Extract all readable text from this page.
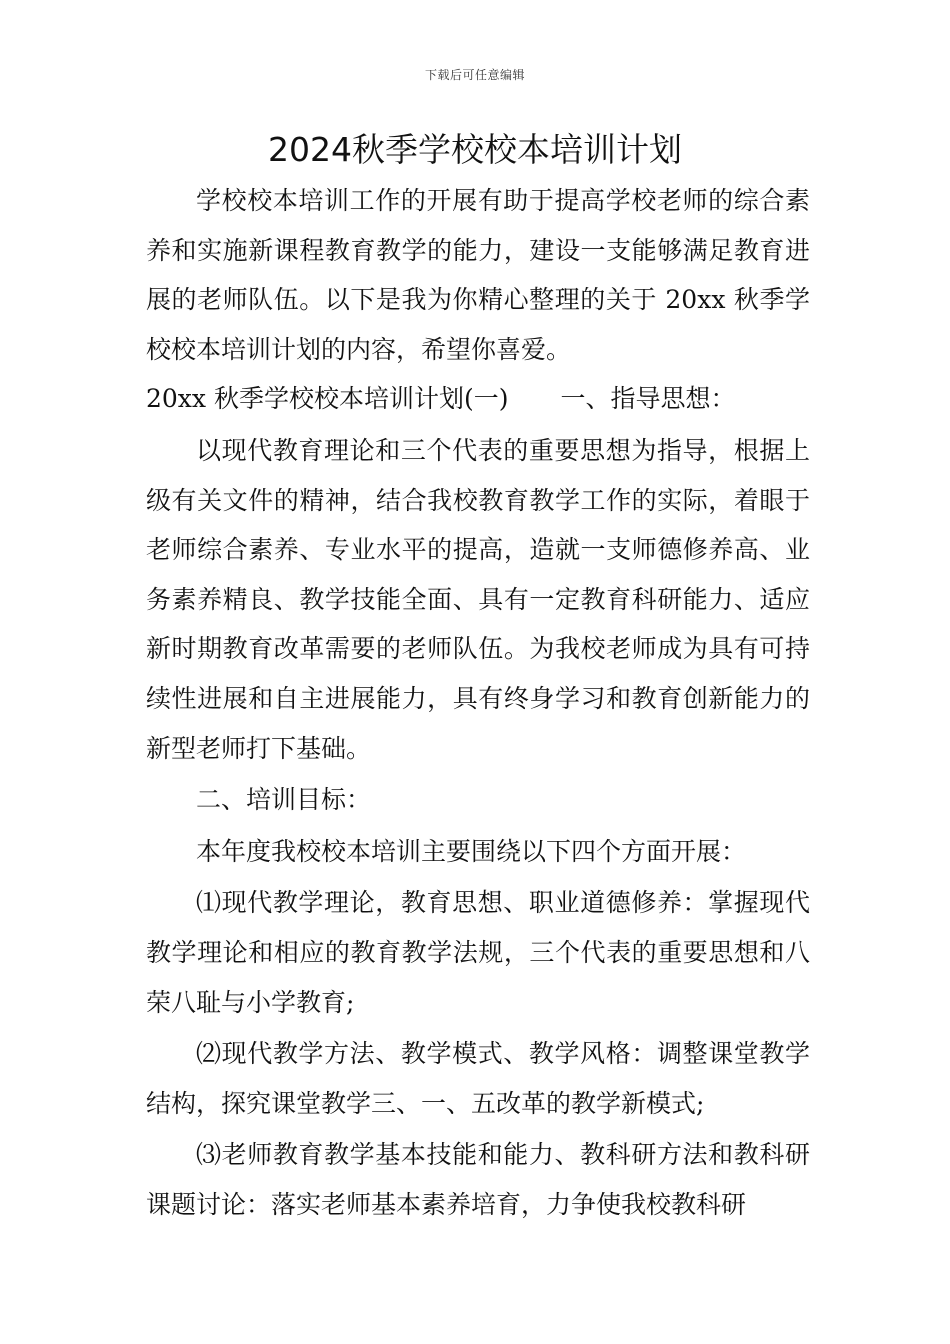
下载后可任意编辑
2024秋季学校校本培训计划

学校校本培训工作的开展有助于提高学校老师的综合素养和实施新课程教育教学的能力，建设一支能够满足教育进展的老师队伍。以下是我为你精心整理的关于 20xx 秋季学校校本培训计划的内容，希望你喜爱。

20xx 秋季学校校本培训计划(一) 一、指导思想：

以现代教育理论和三个代表的重要思想为指导，根据上级有关文件的精神，结合我校教育教学工作的实际，着眼于老师综合素养、专业水平的提高，造就一支师德修养高、业务素养精良、教学技能全面、具有一定教育科研能力、适应新时期教育改革需要的老师队伍。为我校老师成为具有可持续性进展和自主进展能力，具有终身学习和教育创新能力的新型老师打下基础。

二、培训目标：

本年度我校校本培训主要围绕以下四个方面开展：

⑴现代教学理论，教育思想、职业道德修养：掌握现代教学理论和相应的教育教学法规，三个代表的重要思想和八荣八耻与小学教育;

⑵现代教学方法、教学模式、教学风格：调整课堂教学结构，探究课堂教学三、一、五改革的教学新模式;

⑶老师教育教学基本技能和能力、教科研方法和教科研课题讨论：落实老师基本素养培育，力争使我校教科研
